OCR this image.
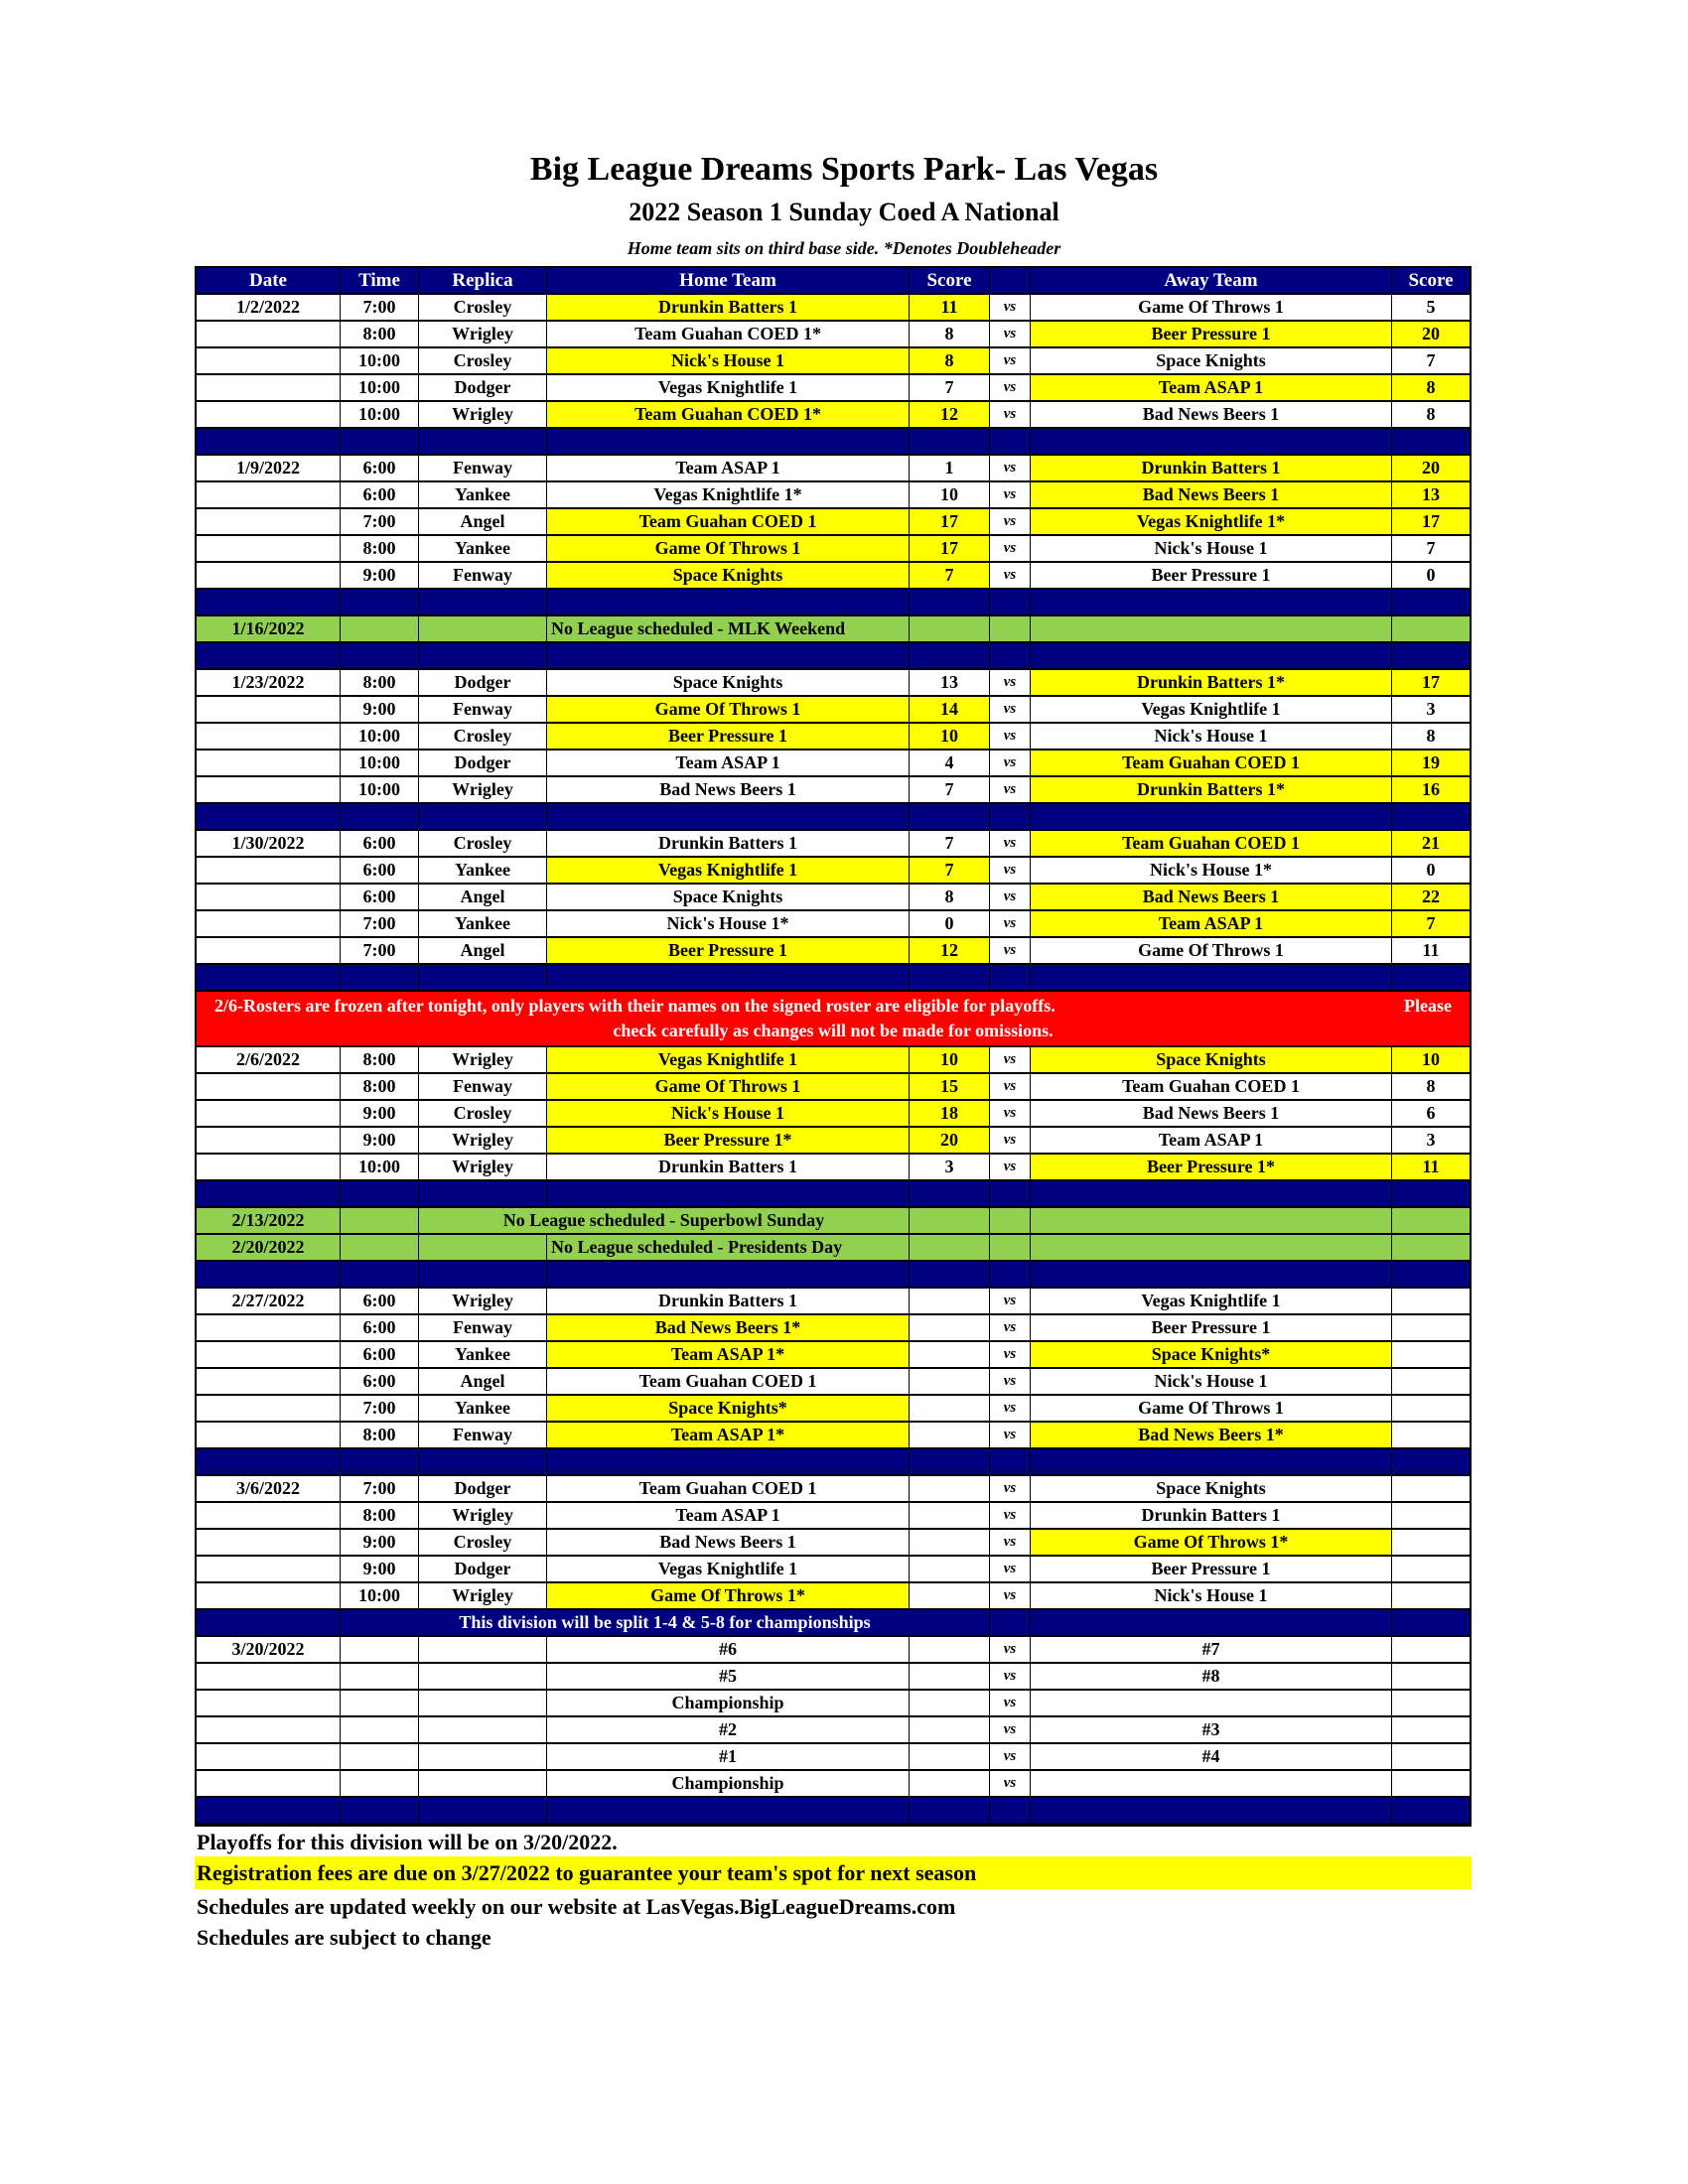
Big League Dreams Sports Park- Las Vegas
2022 Season 1 Sunday Coed A National
Home team sits on third base side. *Denotes Doubleheader
Date	Time	Replica	Home Team	Score	Away Team	Score
1/2/2022	7:00	Crosley	Drunkin Batters 1	11	vs	Game Of Throws 1	5
8:00	Wrigley	Team Guahan COED 1*	8	vs	Beer Pressure 1	20
10:00	Crosley	Nick's House 1	8	vs	Space Knights	7
10:00	Dodger	Vegas Knightlife 1	7	vs	Team ASAP 1	8
10:00	Wrigley	Team Guahan COED 1*	12	vs	Bad News Beers 1	8
1/9/2022	6:00	Fenway	Team ASAP 1	1	vs	Drunkin Batters 1	20
6:00	Yankee	Vegas Knightlife 1*	10	vs	Bad News Beers 1	13
7:00	Angel	Team Guahan COED 1	17	vs	Vegas Knightlife 1*	17
8:00	Yankee	Game Of Throws 1	17	vs	Nick's House 1	7
9:00	Fenway	Space Knights	7	vs	Beer Pressure 1	0
1/16/2022	No League scheduled - MLK Weekend
1/23/2022	8:00	Dodger	Space Knights	13	vs	Drunkin Batters 1*	17
9:00	Fenway	Game Of Throws 1	14	vs	Vegas Knightlife 1	3
10:00	Crosley	Beer Pressure 1	10	vs	Nick's House 1	8
10:00	Dodger	Team ASAP 1	4	vs	Team Guahan COED 1	19
10:00	Wrigley	Bad News Beers 1	7	vs	Drunkin Batters 1*	16
1/30/2022	6:00	Crosley	Drunkin Batters 1	7	vs	Team Guahan COED 1	21
6:00	Yankee	Vegas Knightlife 1	7	vs	Nick's House 1*	0
6:00	Angel	Space Knights	8	vs	Bad News Beers 1	22
7:00	Yankee	Nick's House 1*	0	vs	Team ASAP 1	7
7:00	Angel	Beer Pressure 1	12	vs	Game Of Throws 1	11
2/6-Rosters are frozen after tonight, only players with their names on the signed roster are eligible for playoffs.	Please
check carefully as changes will not be made for omissions.
2/6/2022	8:00	Wrigley	Vegas Knightlife 1	10	vs	Space Knights	10
8:00	Fenway	Game Of Throws 1	15	vs	Team Guahan COED 1	8
9:00	Crosley	Nick's House 1	18	vs	Bad News Beers 1	6
9:00	Wrigley	Beer Pressure 1*	20	vs	Team ASAP 1	3
10:00	Wrigley	Drunkin Batters 1	3	vs	Beer Pressure 1*	11
2/13/2022	No League scheduled - Superbowl Sunday
2/20/2022	No League scheduled - Presidents Day
2/27/2022	6:00	Wrigley	Drunkin Batters 1	vs	Vegas Knightlife 1
6:00	Fenway	Bad News Beers 1*	vs	Beer Pressure 1
6:00	Yankee	Team ASAP 1*	vs	Space Knights*
6:00	Angel	Team Guahan COED 1	vs	Nick's House 1
7:00	Yankee	Space Knights*	vs	Game Of Throws 1
8:00	Fenway	Team ASAP 1*	vs	Bad News Beers 1*
3/6/2022	7:00	Dodger	Team Guahan COED 1	vs	Space Knights
8:00	Wrigley	Team ASAP 1	vs	Drunkin Batters 1
9:00	Crosley	Bad News Beers 1	vs	Game Of Throws 1*
9:00	Dodger	Vegas Knightlife 1	vs	Beer Pressure 1
10:00	Wrigley	Game Of Throws 1*	vs	Nick's House 1
This division will be split 1-4 & 5-8 for championships
3/20/2022	#6	vs	#7
#5	vs	#8
Championship	vs
#2	vs	#3
#1	vs	#4
Championship	vs
Playoffs for this division will be on 3/20/2022.
Registration fees are due on 3/27/2022 to guarantee your team's spot for next season
Schedules are updated weekly on our website at LasVegas.BigLeagueDreams.com
Schedules are subject to change
